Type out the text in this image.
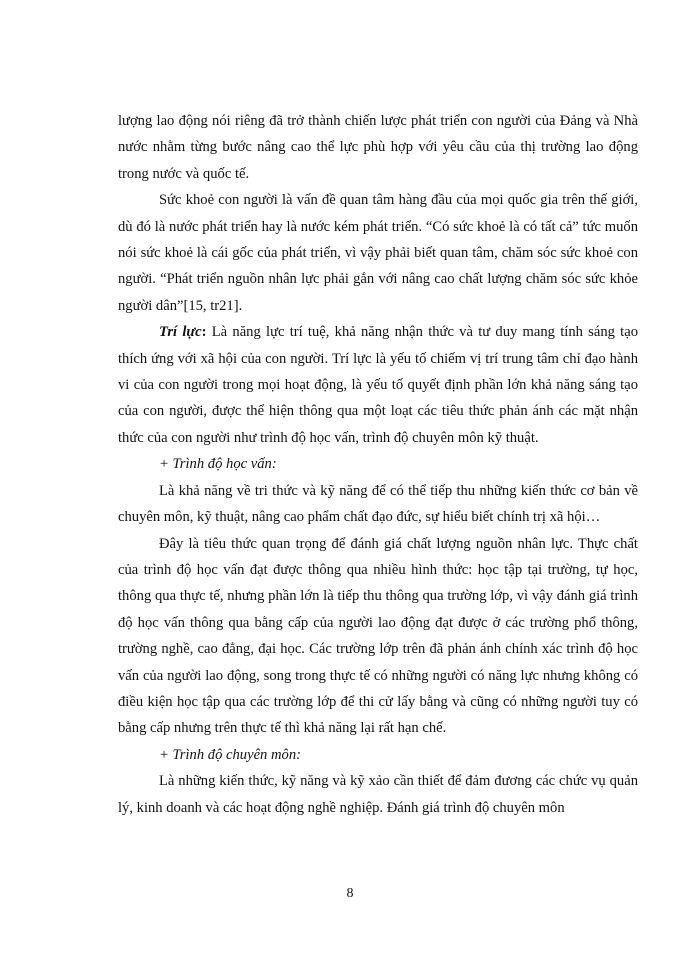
lượng lao động nói riêng đã trở thành chiến lược phát triển con người của Đảng và Nhà nước nhằm từng bước nâng cao thể lực phù hợp với yêu cầu của thị trường lao động trong nước và quốc tế.

Sức khoẻ con người là vấn đề quan tâm hàng đầu của mọi quốc gia trên thế giới, dù đó là nước phát triển hay là nước kém phát triển. “Có sức khoẻ là có tất cả” tức muốn nói sức khoẻ là cái gốc của phát triển, vì vậy phải biết quan tâm, chăm sóc sức khoẻ con người. “Phát triển nguồn nhân lực phải gắn với nâng cao chất lượng chăm sóc sức khỏe người dân”[15, tr21].

Trí lực: Là năng lực trí tuệ, khả năng nhận thức và tư duy mang tính sáng tạo thích ứng với xã hội của con người. Trí lực là yếu tố chiếm vị trí trung tâm chỉ đạo hành vi của con người trong mọi hoạt động, là yếu tố quyết định phần lớn khả năng sáng tạo của con người, được thể hiện thông qua một loạt các tiêu thức phản ánh các mặt nhận thức của con người như trình độ học vấn, trình độ chuyên môn kỹ thuật.

+ Trình độ học vấn:

Là khả năng về tri thức và kỹ năng để có thể tiếp thu những kiến thức cơ bản về chuyên môn, kỹ thuật, nâng cao phẩm chất đạo đức, sự hiểu biết chính trị xã hội…

Đây là tiêu thức quan trọng để đánh giá chất lượng nguồn nhân lực. Thực chất của trình độ học vấn đạt được thông qua nhiều hình thức: học tập tại trường, tự học, thông qua thực tế, nhưng phần lớn là tiếp thu thông qua trường lớp, vì vậy đánh giá trình độ học vấn thông qua bằng cấp của người lao động đạt được ở các trường phổ thông, trường nghề, cao đẳng, đại học. Các trường lớp trên đã phản ánh chính xác trình độ học vấn của người lao động, song trong thực tế có những người có năng lực nhưng không có điều kiện học tập qua các trường lớp để thi cử lấy bằng và cũng có những người tuy có bằng cấp nhưng trên thực tế thì khả năng lại rất hạn chế.

+ Trình độ chuyên môn:

Là những kiến thức, kỹ năng và kỹ xảo cần thiết để đảm đương các chức vụ quản lý, kinh doanh và các hoạt động nghề nghiệp. Đánh giá trình độ chuyên môn

8
